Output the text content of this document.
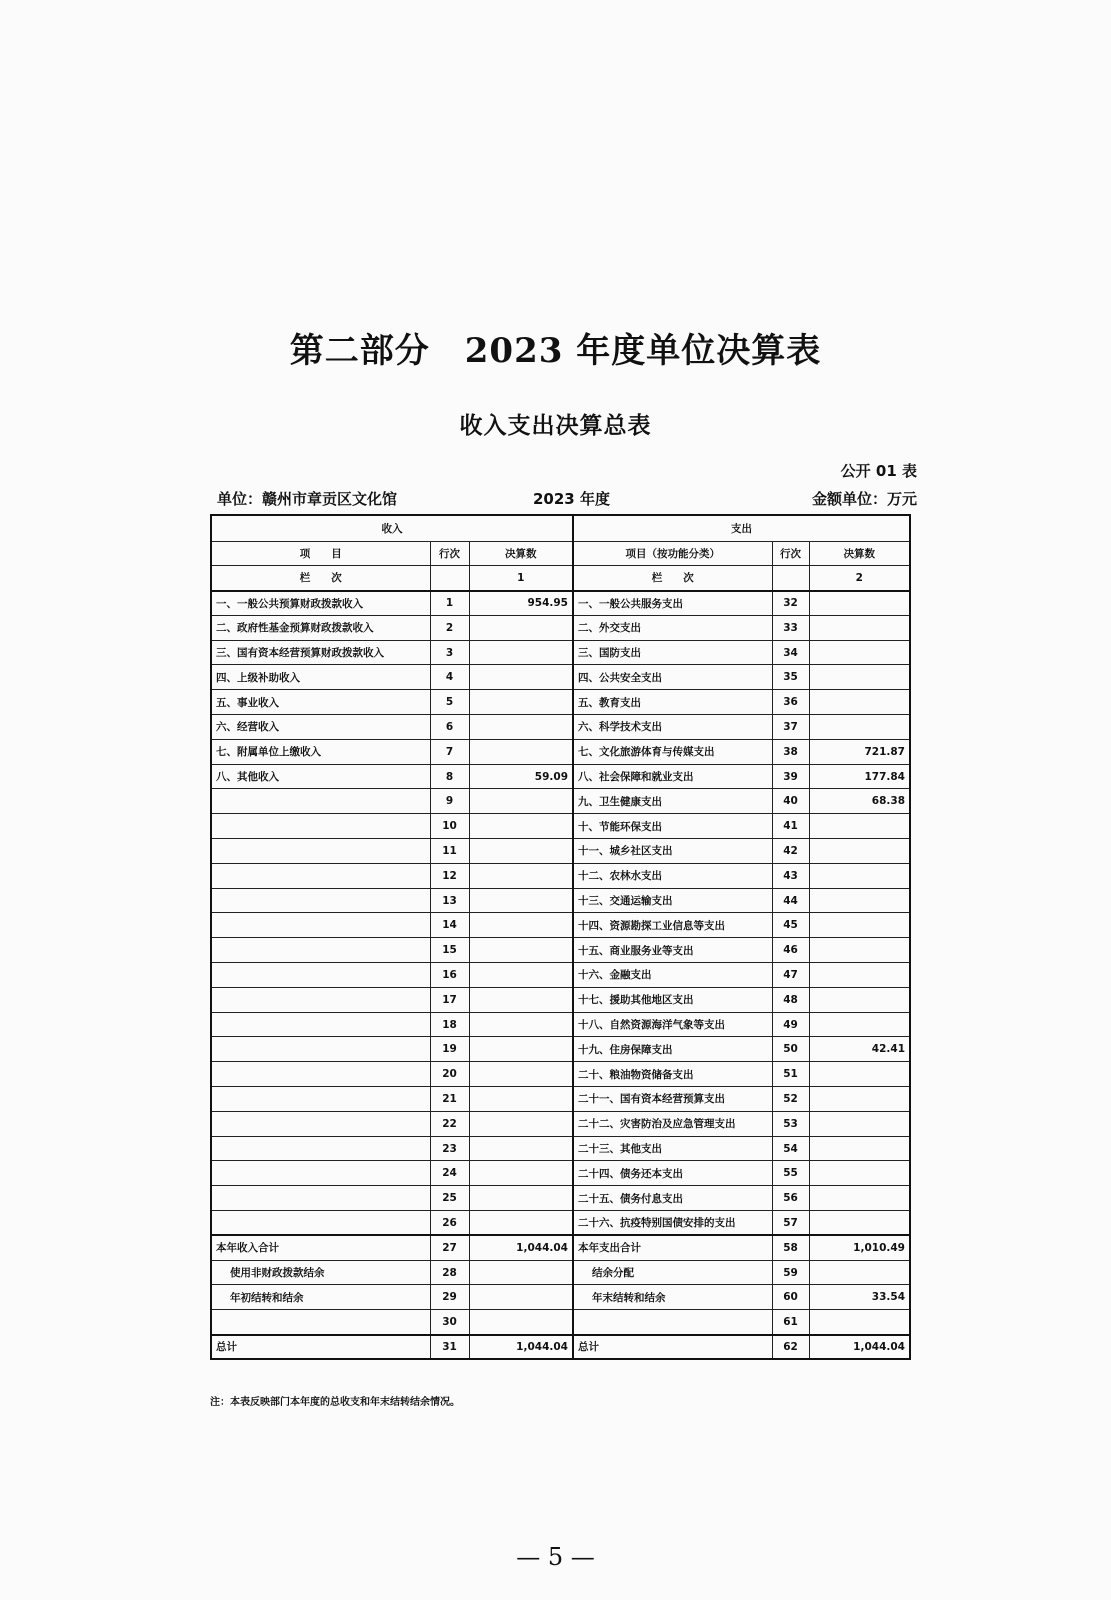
第二部分　2023 年度单位决算表
收入支出决算总表
公开 01 表
单位：赣州市章贡区文化馆	2023 年度	金额单位：万元
收入			支出		
项　　目	行次	决算数	项目（按功能分类）	行次	决算数
栏　　次		1	栏　　次		2
一、一般公共预算财政拨款收入	1	954.95	一、一般公共服务支出	32	
二、政府性基金预算财政拨款收入	2		二、外交支出	33	
三、国有资本经营预算财政拨款收入	3		三、国防支出	34	
四、上级补助收入	4		四、公共安全支出	35	
五、事业收入	5		五、教育支出	36	
六、经营收入	6		六、科学技术支出	37	
七、附属单位上缴收入	7		七、文化旅游体育与传媒支出	38	721.87
八、其他收入	8	59.09	八、社会保障和就业支出	39	177.84
	9		九、卫生健康支出	40	68.38
	10		十、节能环保支出	41	
	11		十一、城乡社区支出	42	
	12		十二、农林水支出	43	
	13		十三、交通运输支出	44	
	14		十四、资源勘探工业信息等支出	45	
	15		十五、商业服务业等支出	46	
	16		十六、金融支出	47	
	17		十七、援助其他地区支出	48	
	18		十八、自然资源海洋气象等支出	49	
	19		十九、住房保障支出	50	42.41
	20		二十、粮油物资储备支出	51	
	21		二十一、国有资本经营预算支出	52	
	22		二十二、灾害防治及应急管理支出	53	
	23		二十三、其他支出	54	
	24		二十四、债务还本支出	55	
	25		二十五、债务付息支出	56	
	26		二十六、抗疫特别国债安排的支出	57	
本年收入合计	27	1,044.04	本年支出合计	58	1,010.49
使用非财政拨款结余	28		结余分配	59	
年初结转和结余	29		年末结转和结余	60	33.54
	30			61	
总计	31	1,044.04	总计	62	1,044.04
注：本表反映部门本年度的总收支和年末结转结余情况。
— 5 —
